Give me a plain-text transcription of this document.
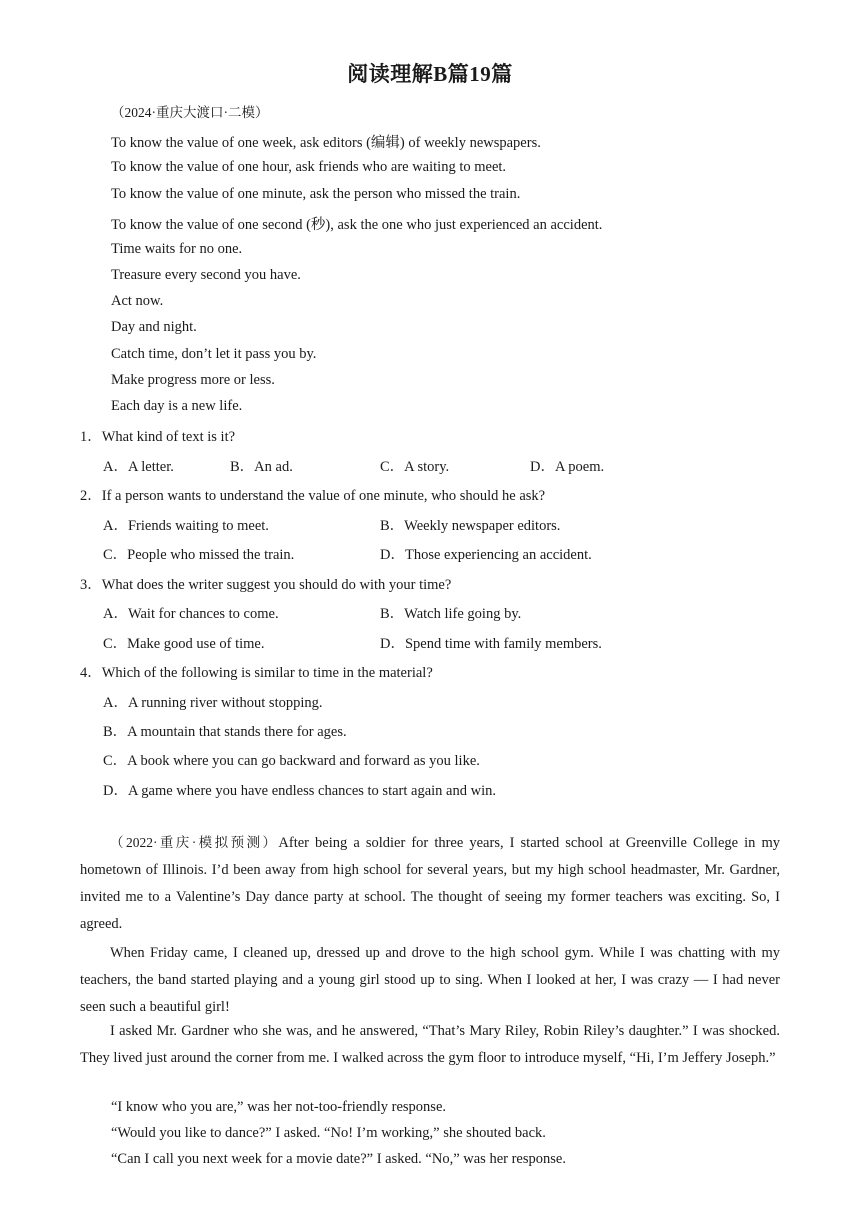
阅读理解B篇19篇
（2024·重庆大渡口·二模）
To know the value of one week, ask editors (编辑) of weekly newspapers.
To know the value of one hour, ask friends who are waiting to meet.
To know the value of one minute, ask the person who missed the train.
To know the value of one second (秒), ask the one who just experienced an accident.
Time waits for no one.
Treasure every second you have.
Act now.
Day and night.
Catch time, don’t let it pass you by.
Make progress more or less.
Each day is a new life.
1．What kind of text is it?
A．A letter.	B．An ad.	C．A story.	D．A poem.
2．If a person wants to understand the value of one minute, who should he ask?
A．Friends waiting to meet.	B．Weekly newspaper editors.
C．People who missed the train.	D．Those experiencing an accident.
3．What does the writer suggest you should do with your time?
A．Wait for chances to come.	B．Watch life going by.
C．Make good use of time.	D．Spend time with family members.
4．Which of the following is similar to time in the material?
A．A running river without stopping.
B．A mountain that stands there for ages.
C．A book where you can go backward and forward as you like.
D．A game where you have endless chances to start again and win.
（2022·重庆·模拟预测）After being a soldier for three years, I started school at Greenville College in my hometown of Illinois. I’d been away from high school for several years, but my high school headmaster, Mr. Gardner, invited me to a Valentine’s Day dance party at school. The thought of seeing my former teachers was exciting. So, I agreed.
When Friday came, I cleaned up, dressed up and drove to the high school gym. While I was chatting with my teachers, the band started playing and a young girl stood up to sing. When I looked at her, I was crazy — I had never seen such a beautiful girl!
I asked Mr. Gardner who she was, and he answered, “That’s Mary Riley, Robin Riley’s daughter.” I was shocked. They lived just around the corner from me. I walked across the gym floor to introduce myself, “Hi, I’m Jeffery Joseph.”
“I know who you are,” was her not-too-friendly response.
“Would you like to dance?” I asked. “No! I’m working,” she shouted back.
“Can I call you next week for a movie date?” I asked. “No,” was her response.
